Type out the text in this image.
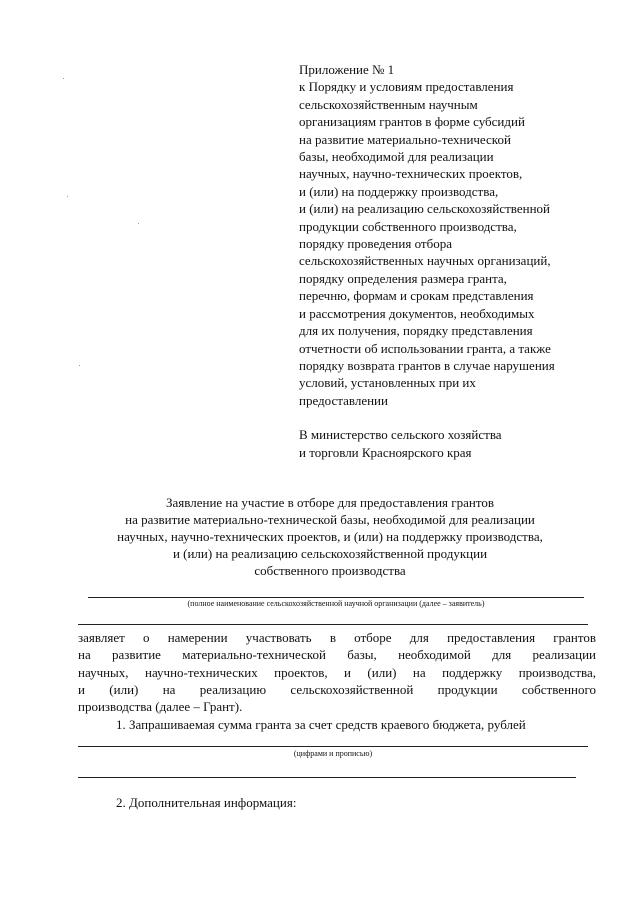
Приложение № 1
к Порядку и условиям предоставления
сельскохозяйственным научным
организациям грантов в форме субсидий
на развитие материально-технической
базы, необходимой для реализации
научных, научно-технических проектов,
и (или) на поддержку производства,
и (или) на реализацию сельскохозяйственной
продукции собственного производства,
порядку проведения отбора
сельскохозяйственных научных организаций,
порядку определения размера гранта,
перечню, формам и срокам представления
и рассмотрения документов, необходимых
для их получения, порядку представления
отчетности об использовании гранта, а также
порядку возврата грантов в случае нарушения
условий, установленных при их
предоставлении
В министерство сельского хозяйства
и торговли Красноярского края
Заявление на участие в отборе для предоставления грантов
на развитие материально-технической базы, необходимой для реализации
научных, научно-технических проектов, и (или) на поддержку производства,
и (или) на реализацию сельскохозяйственной продукции
собственного производства
(полное наименование сельскохозяйственной научной организации (далее – заявитель)
заявляет о намерении участвовать в отборе для предоставления грантов
на развитие материально-технической базы, необходимой для реализации
научных, научно-технических проектов, и (или) на поддержку производства,
и (или) на реализацию сельскохозяйственной продукции собственного
производства (далее – Грант).
1. Запрашиваемая сумма гранта за счет средств краевого бюджета, рублей
(цифрами и прописью)
2. Дополнительная информация:
